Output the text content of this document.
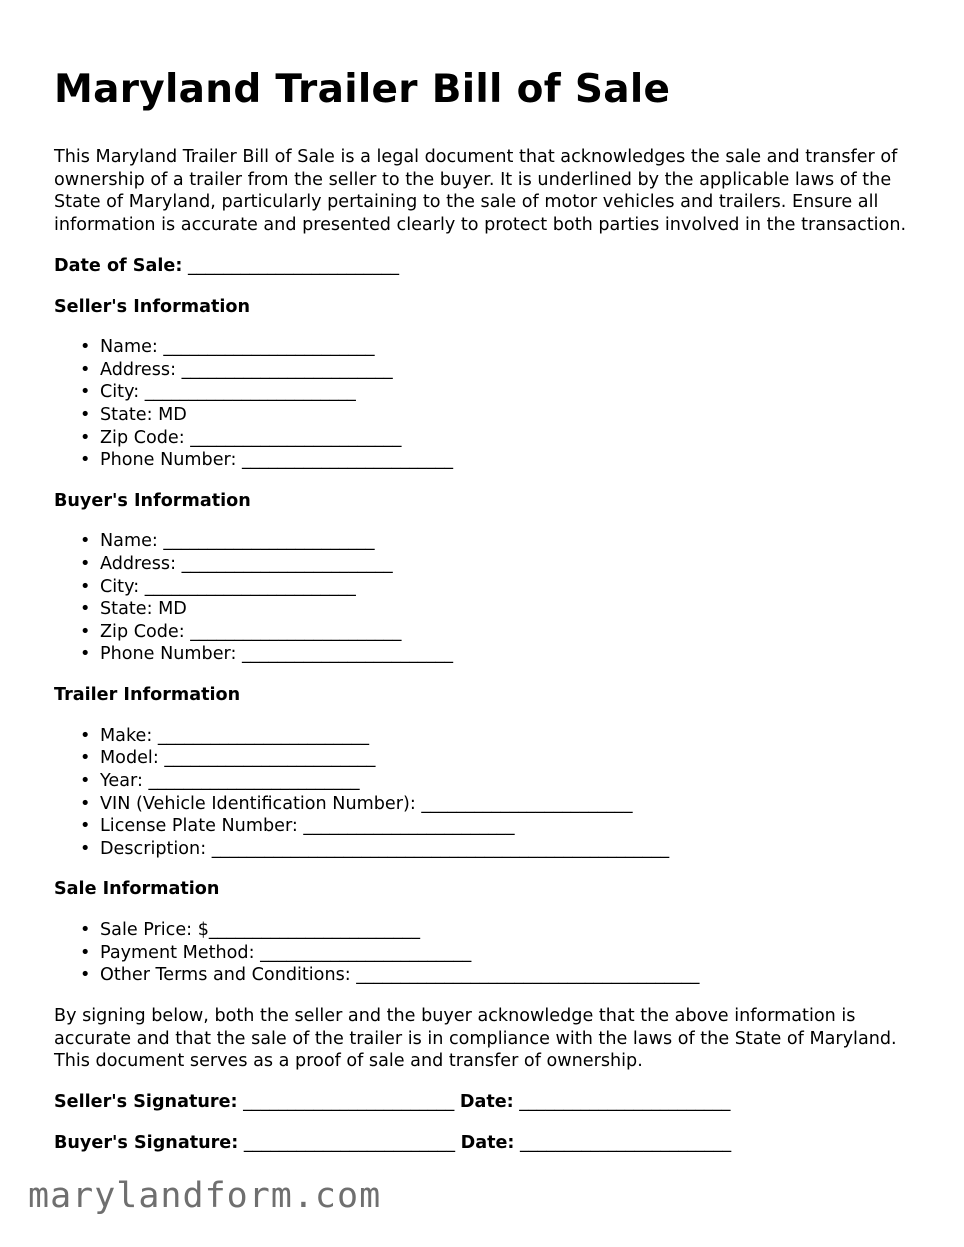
Maryland Trailer Bill of Sale

This Maryland Trailer Bill of Sale is a legal document that acknowledges the sale and transfer of ownership of a trailer from the seller to the buyer. It is underlined by the applicable laws of the State of Maryland, particularly pertaining to the sale of motor vehicles and trailers. Ensure all information is accurate and presented clearly to protect both parties involved in the transaction.

Date of Sale: ________________________
Seller's Information
• Name: ________________________
• Address: ________________________
• City: ________________________
• State: MD
• Zip Code: ________________________
• Phone Number: ________________________
Buyer's Information
• Name: ________________________
• Address: ________________________
• City: ________________________
• State: MD
• Zip Code: ________________________
• Phone Number: ________________________
Trailer Information
• Make: ________________________
• Model: ________________________
• Year: ________________________
• VIN (Vehicle Identification Number): ________________________
• License Plate Number: ________________________
• Description: ____________________________________________________
Sale Information
• Sale Price: $________________________
• Payment Method: ________________________
• Other Terms and Conditions: _______________________________________

By signing below, both the seller and the buyer acknowledge that the above information is accurate and that the sale of the trailer is in compliance with the laws of the State of Maryland. This document serves as a proof of sale and transfer of ownership.

Seller's Signature: ________________________ Date: ________________________
Buyer's Signature: ________________________ Date: ________________________
marylandform.com
